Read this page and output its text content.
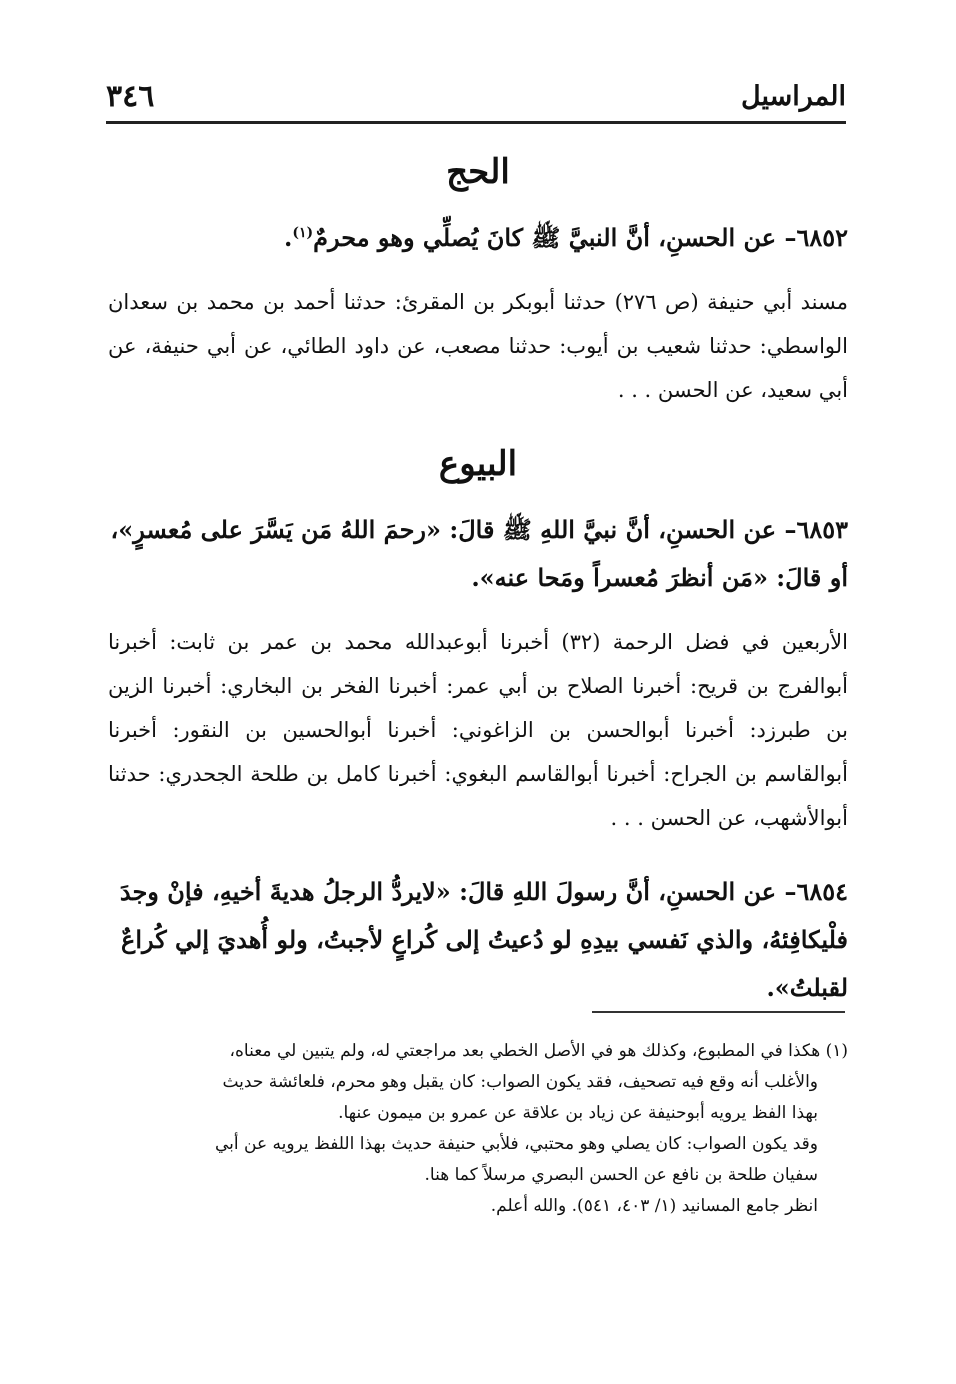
٣٤٦	المراسيل
الحج

٦٨٥٢– عن الحسنِ، أنَّ النبيَّ ﷺ كانَ يُصلِّي وهو محرمٌ$^{(١)}$.

مسند أبي حنيفة (ص ٢٧٦) حدثنا أبوبكر بن المقرئ: حدثنا أحمد بن محمد بن سعدان الواسطي: حدثنا شعيب بن أيوب: حدثنا مصعب، عن داود الطائي، عن أبي حنيفة، عن أبي سعيد، عن الحسن . . .

البيوع

٦٨٥٣– عن الحسنِ، أنَّ نبيَّ اللهِ ﷺ قالَ: «رحمَ اللهُ مَن يَسَّرَ على مُعسرٍ»، أو قالَ: «مَن أنظرَ مُعسراً ومَحا عنه».

الأربعين في فضل الرحمة (٣٢) أخبرنا أبوعبدالله محمد بن عمر بن ثابت: أخبرنا أبوالفرج بن قريح: أخبرنا الصلاح بن أبي عمر: أخبرنا الفخر بن البخاري: أخبرنا الزين بن طبرزد: أخبرنا أبوالحسن بن الزاغوني: أخبرنا أبوالحسين بن النقور: أخبرنا أبوالقاسم بن الجراح: أخبرنا أبوالقاسم البغوي: أخبرنا كامل بن طلحة الجحدري: حدثنا أبوالأشهب، عن الحسن . . .

٦٨٥٤– عن الحسنِ، أنَّ رسولَ اللهِ قالَ: «لايردُّ الرجلُ هديةَ أخيهِ، فإنْ وجدَ فلْيكافِئهُ، والذي نَفسي بيدِهِ لو دُعيتُ إلى كُراعٍ لأجبتُ، ولو أُهديَ إلي كُراعٌ لقبلتُ».

(١) هكذا في المطبوع، وكذلك هو في الأصل الخطي بعد مراجعتي له، ولم يتبين لي معناه،

والأغلب أنه وقع فيه تصحيف، فقد يكون الصواب: كان يقبل وهو محرم، فلعائشة حديث

بهذا الفظ يرويه أبوحنيفة عن زياد بن علاقة عن عمرو بن ميمون عنها.

وقد يكون الصواب: كان يصلي وهو محتبي، فلأبي حنيفة حديث بهذا اللفظ يرويه عن أبي

سفيان طلحة بن نافع عن الحسن البصري مرسلاً كما هنا.

انظر جامع المسانيد (١/ ٤٠٣، ٥٤١). والله أعلم.
